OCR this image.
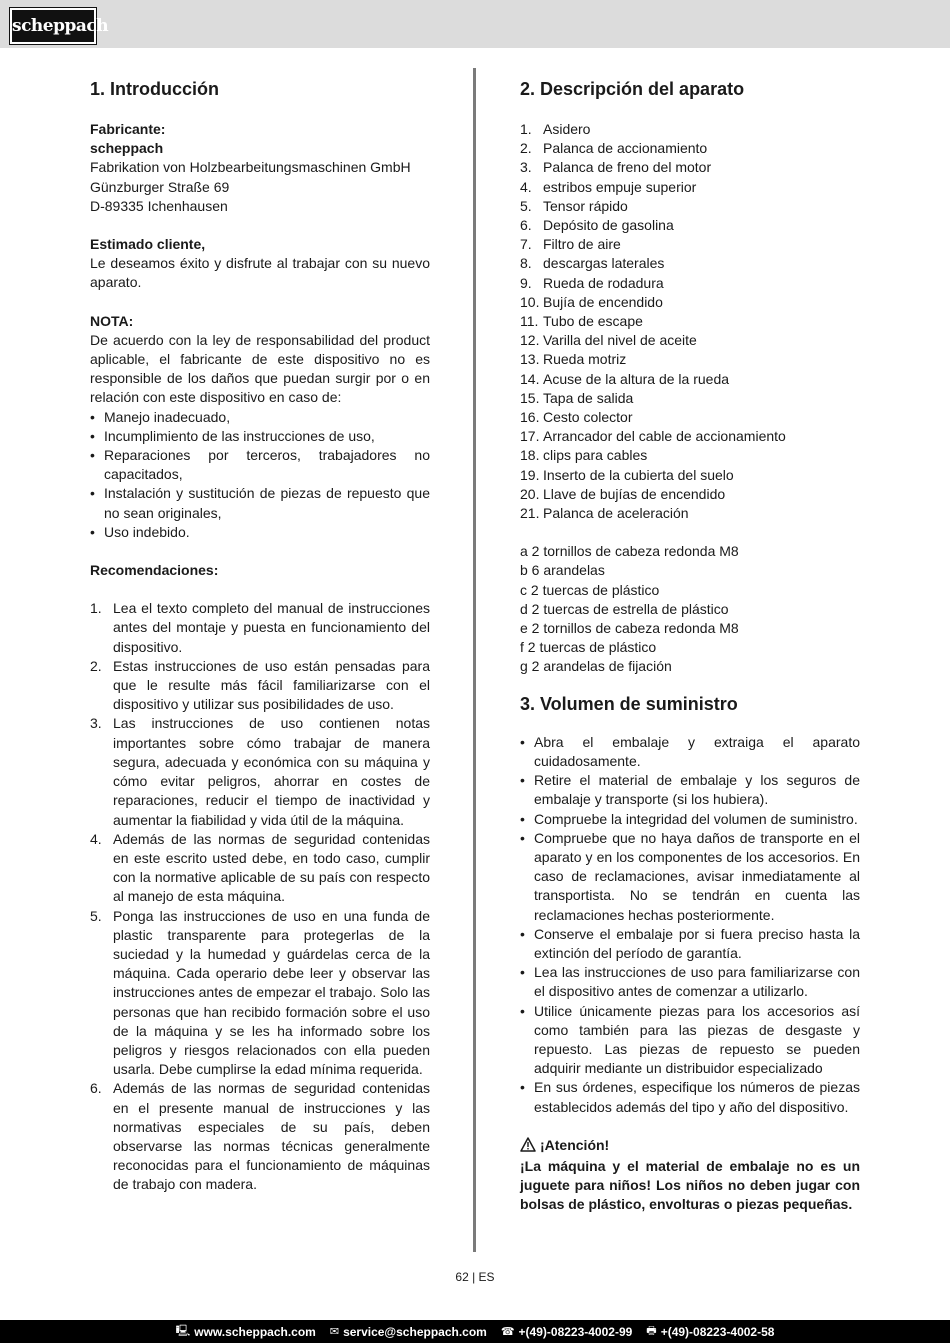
scheppach
1. Introducción

Fabricante:

scheppach

Fabrikation von Holzbearbeitungsmaschinen GmbH

Günzburger Straße 69

D-89335 Ichenhausen

Estimado cliente,

Le deseamos éxito y disfrute al trabajar con su nuevo aparato.

NOTA:

De acuerdo con la ley de responsabilidad del product aplicable, el fabricante de este dispositivo no es responsible de los daños que puedan surgir por o en relación con este dispositivo en caso de:

• Manejo inadecuado,
• Incumplimiento de las instrucciones de uso,
• Reparaciones por terceros, trabajadores no capacitados,
• Instalación y sustitución de piezas de repuesto que no sean originales,
• Uso indebido.

Recomendaciones:

1. Lea el texto completo del manual de instrucciones antes del montaje y puesta en funcionamiento del dispositivo.
2. Estas instrucciones de uso están pensadas para que le resulte más fácil familiarizarse con el dispositivo y utilizar sus posibilidades de uso.
3. Las instrucciones de uso contienen notas importantes sobre cómo trabajar de manera segura, adecuada y económica con su máquina y cómo evitar peligros, ahorrar en costes de reparaciones, reducir el tiempo de inactividad y aumentar la fiabilidad y vida útil de la máquina.
4. Además de las normas de seguridad contenidas en este escrito usted debe, en todo caso, cumplir con la normative aplicable de su país con respecto al manejo de esta máquina.
5. Ponga las instrucciones de uso en una funda de plastic transparente para protegerlas de la suciedad y la humedad y guárdelas cerca de la máquina. Cada operario debe leer y observar las instrucciones antes de empezar el trabajo. Solo las personas que han recibido formación sobre el uso de la máquina y se les ha informado sobre los peligros y riesgos relacionados con ella pueden usarla. Debe cumplirse la edad mínima requerida.
6. Además de las normas de seguridad contenidas en el presente manual de instrucciones y las normativas especiales de su país, deben observarse las normas técnicas generalmente reconocidas para el funcionamiento de máquinas de trabajo con madera.
2. Descripción del aparato
1. Asidero
2. Palanca de accionamiento
3. Palanca de freno del motor
4. estribos empuje superior
5. Tensor rápido
6. Depósito de gasolina
7. Filtro de aire
8. descargas laterales
9. Rueda de rodadura
10. Bujía de encendido
11. Tubo de escape
12. Varilla del nivel de aceite
13. Rueda motriz
14. Acuse de la altura de la rueda
15. Tapa de salida
16. Cesto colector
17. Arrancador del cable de accionamiento
18. clips para cables
19. Inserto de la cubierta del suelo
20. Llave de bujías de encendido
21. Palanca de aceleración

a 2 tornillos de cabeza redonda M8

b 6 arandelas

c 2 tuercas de plástico

d 2 tuercas de estrella de plástico

e 2 tornillos de cabeza redonda M8

f 2 tuercas de plástico

g 2 arandelas de fijación

3. Volumen de suministro
• Abra el embalaje y extraiga el aparato cuidadosamente.
• Retire el material de embalaje y los seguros de embalaje y transporte (si los hubiera).
• Compruebe la integridad del volumen de suministro.
• Compruebe que no haya daños de transporte en el aparato y en los componentes de los accesorios. En caso de reclamaciones, avisar inmediatamente al transportista. No se tendrán en cuenta las reclamaciones hechas posteriormente.
• Conserve el embalaje por si fuera preciso hasta la extinción del período de garantía.
• Lea las instrucciones de uso para familiarizarse con el dispositivo antes de comenzar a utilizarlo.
• Utilice únicamente piezas para los accesorios así como también para las piezas de desgaste y repuesto. Las piezas de repuesto se pueden adquirir mediante un distribuidor especializado
• En sus órdenes, especifique los números de piezas establecidos además del tipo y año del dispositivo.

¡Atención!

¡La máquina y el material de embalaje no es un juguete para niños! Los niños no deben jugar con bolsas de plástico, envolturas o piezas pequeñas.

62 | ES
🖳 www.scheppach.com ✉ service@scheppach.com ☎ +(49)-08223-4002-99 🖶 +(49)-08223-4002-58
